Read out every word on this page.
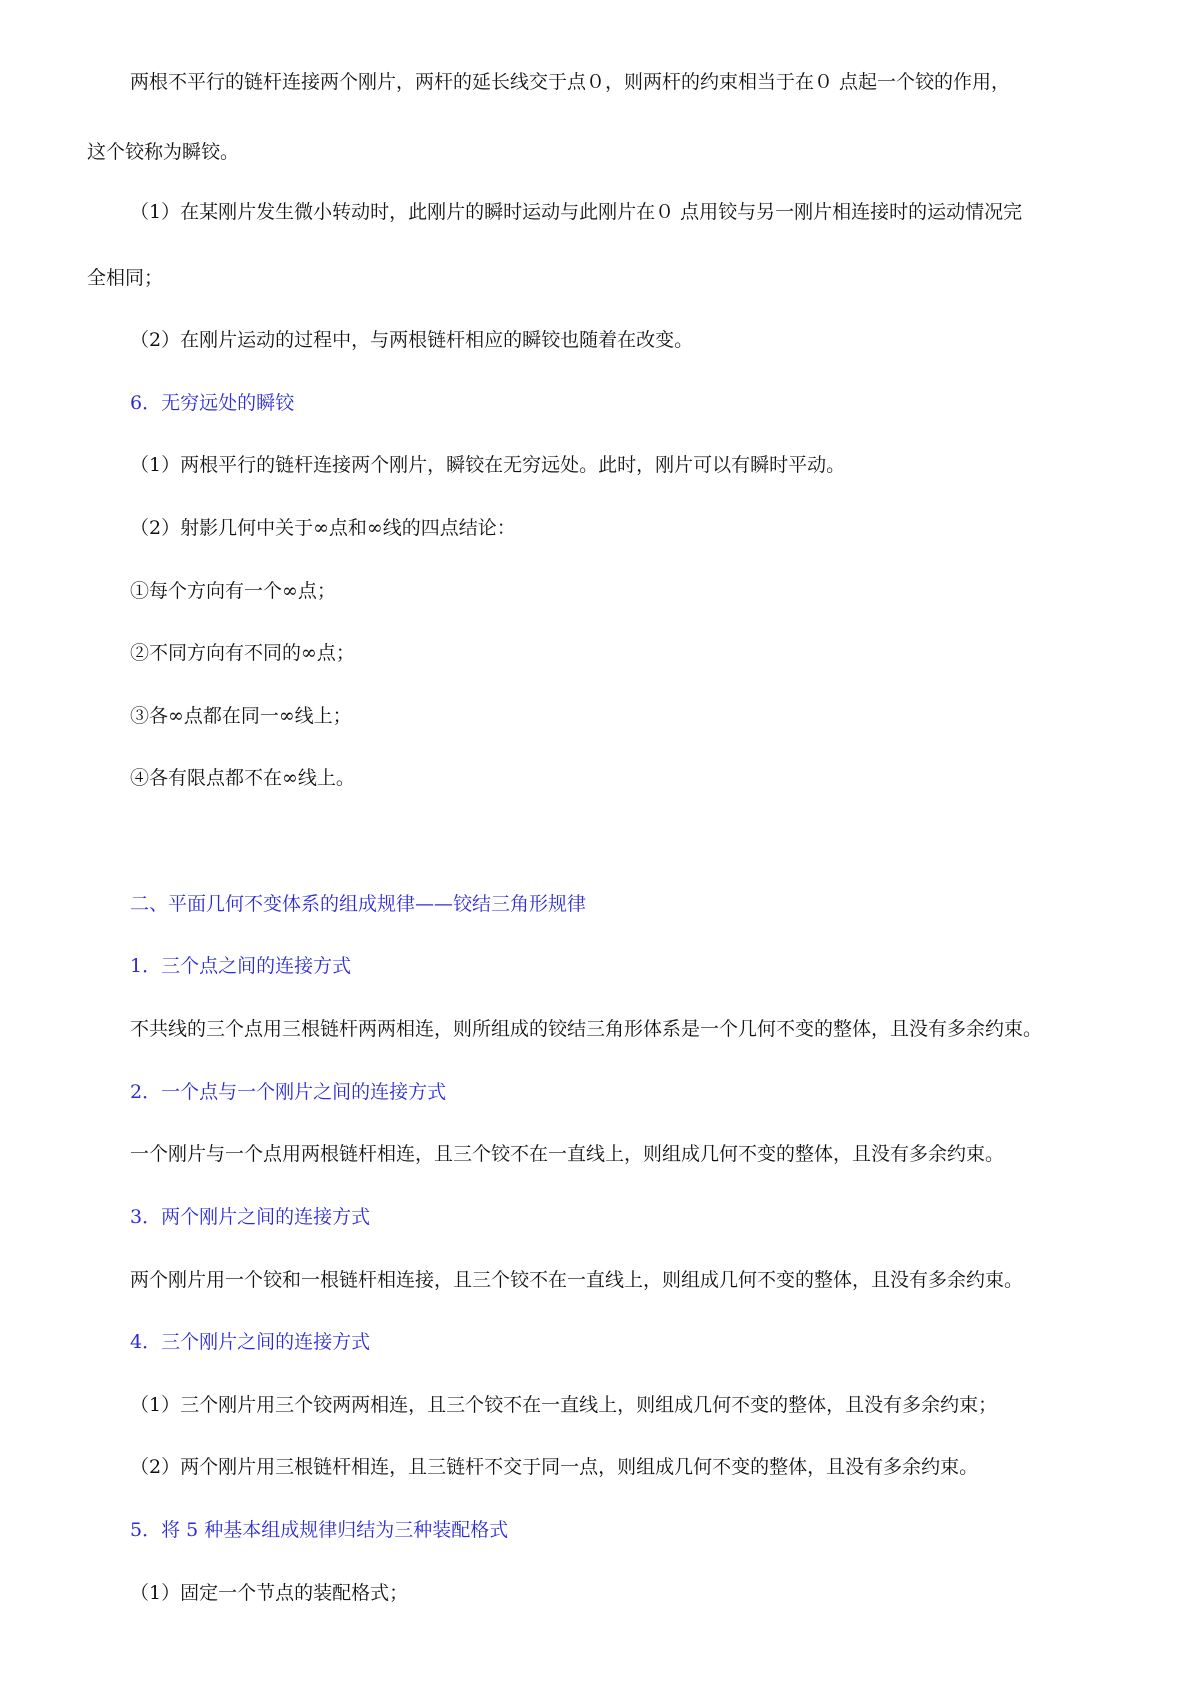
两根不平行的链杆连接两个刚片，两杆的延长线交于点０，则两杆的约束相当于在０ 点起一个铰的作用，
这个铰称为瞬铰。
（1）在某刚片发生微小转动时，此刚片的瞬时运动与此刚片在０ 点用铰与另一刚片相连接时的运动情况完
全相同；
（2）在刚片运动的过程中，与两根链杆相应的瞬铰也随着在改变。
6．无穷远处的瞬铰
（1）两根平行的链杆连接两个刚片，瞬铰在无穷远处。此时，刚片可以有瞬时平动。
（2）射影几何中关于∞点和∞线的四点结论：
①每个方向有一个∞点；
②不同方向有不同的∞点；
③各∞点都在同一∞线上；
④各有限点都不在∞线上。
二、平面几何不变体系的组成规律——铰结三角形规律
1．三个点之间的连接方式
不共线的三个点用三根链杆两两相连，则所组成的铰结三角形体系是一个几何不变的整体，且没有多余约束。
2．一个点与一个刚片之间的连接方式
一个刚片与一个点用两根链杆相连，且三个铰不在一直线上，则组成几何不变的整体，且没有多余约束。
3．两个刚片之间的连接方式
两个刚片用一个铰和一根链杆相连接，且三个铰不在一直线上，则组成几何不变的整体，且没有多余约束。
4．三个刚片之间的连接方式
（1）三个刚片用三个铰两两相连，且三个铰不在一直线上，则组成几何不变的整体，且没有多余约束；
（2）两个刚片用三根链杆相连，且三链杆不交于同一点，则组成几何不变的整体，且没有多余约束。
5．将 5 种基本组成规律归结为三种装配格式
（1）固定一个节点的装配格式；
